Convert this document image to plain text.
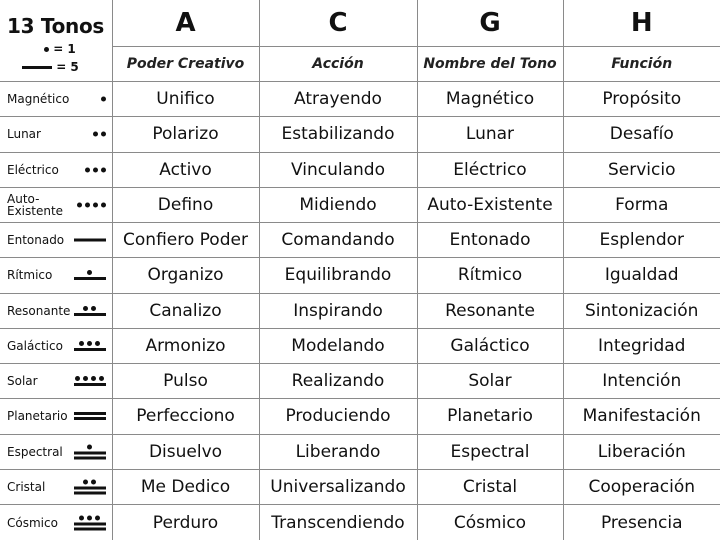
13 Tonos
= 1
= 5	A	C	G	H
	Poder Creativo	Acción	Nombre del Tono	Función

Magnético	Unifico	Atrayendo	Magnético	Propósito

Lunar	Polarizo	Estabilizando	Lunar	Desafío

Eléctrico	Activo	Vinculando	Eléctrico	Servicio

Auto-
Existente	Defino	Midiendo	Auto-Existente	Forma

Entonado	Confiero Poder	Comandando	Entonado	Esplendor

Rítmico	Organizo	Equilibrando	Rítmico	Igualdad

Resonante	Canalizo	Inspirando	Resonante	Sintonización

Galáctico	Armonizo	Modelando	Galáctico	Integridad

Solar	Pulso	Realizando	Solar	Intención

Planetario	Perfecciono	Produciendo	Planetario	Manifestación

Espectral	Disuelvo	Liberando	Espectral	Liberación

Cristal	Me Dedico	Universalizando	Cristal	Cooperación

Cósmico	Perduro	Transcendiendo	Cósmico	Presencia
